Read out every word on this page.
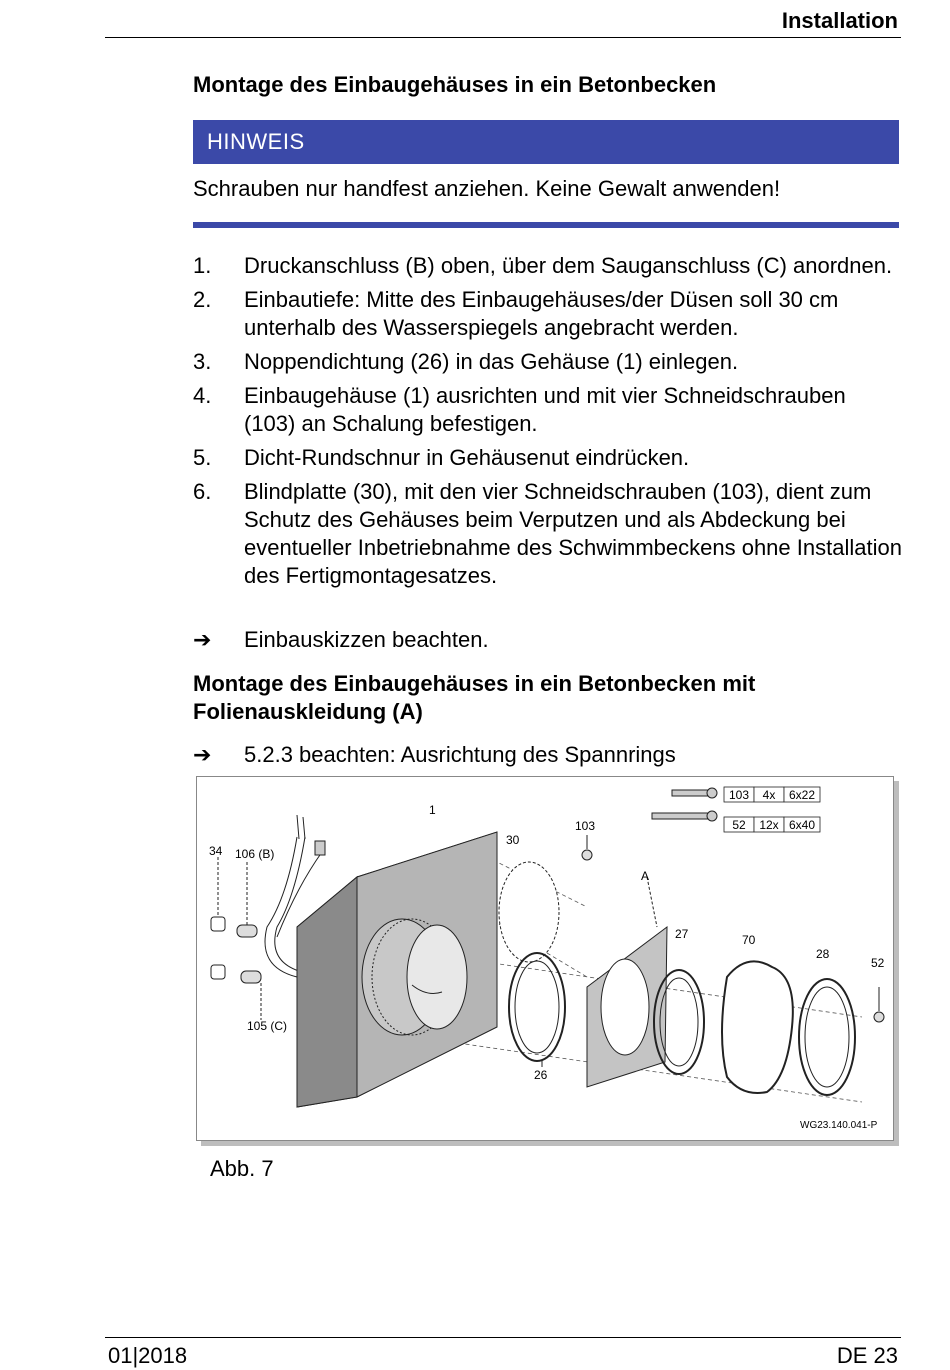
Installation
Montage des Einbaugehäuses in ein Betonbecken
HINWEIS
Schrauben nur handfest anziehen. Keine Gewalt anwenden!
1.	Druckanschluss (B) oben, über dem Sauganschluss (C) anordnen.
2.	Einbautiefe: Mitte des Einbaugehäuses/der Düsen soll 30 cm unterhalb des Wasserspiegels angebracht werden.
3.	Noppendichtung (26) in das Gehäuse (1) einlegen.
4.	Einbaugehäuse (1) ausrichten und mit vier Schneidschrauben (103) an Schalung befestigen.
5.	Dicht-Rundschnur in Gehäusenut eindrücken.
6.	Blindplatte (30), mit den vier Schneidschrauben (103), dient zum Schutz des Gehäuses beim Verputzen und als Abdeckung bei eventueller Inbetriebnahme des Schwimmbeckens ohne Installation des Fertigmontagesatzes.
➔	Einbauskizzen beachten.
Montage des Einbaugehäuses in ein Betonbecken mit
Folienauskleidung (A)
➔	5.2.3 beachten: Ausrichtung des Spannrings
103 4x 6x22
52 12x 6x40
34 106 (B)
1
30
103
A
27	70
28
52
105 (C)
26
WG23.140.041-P
Abb. 7
01|2018	DE 23
